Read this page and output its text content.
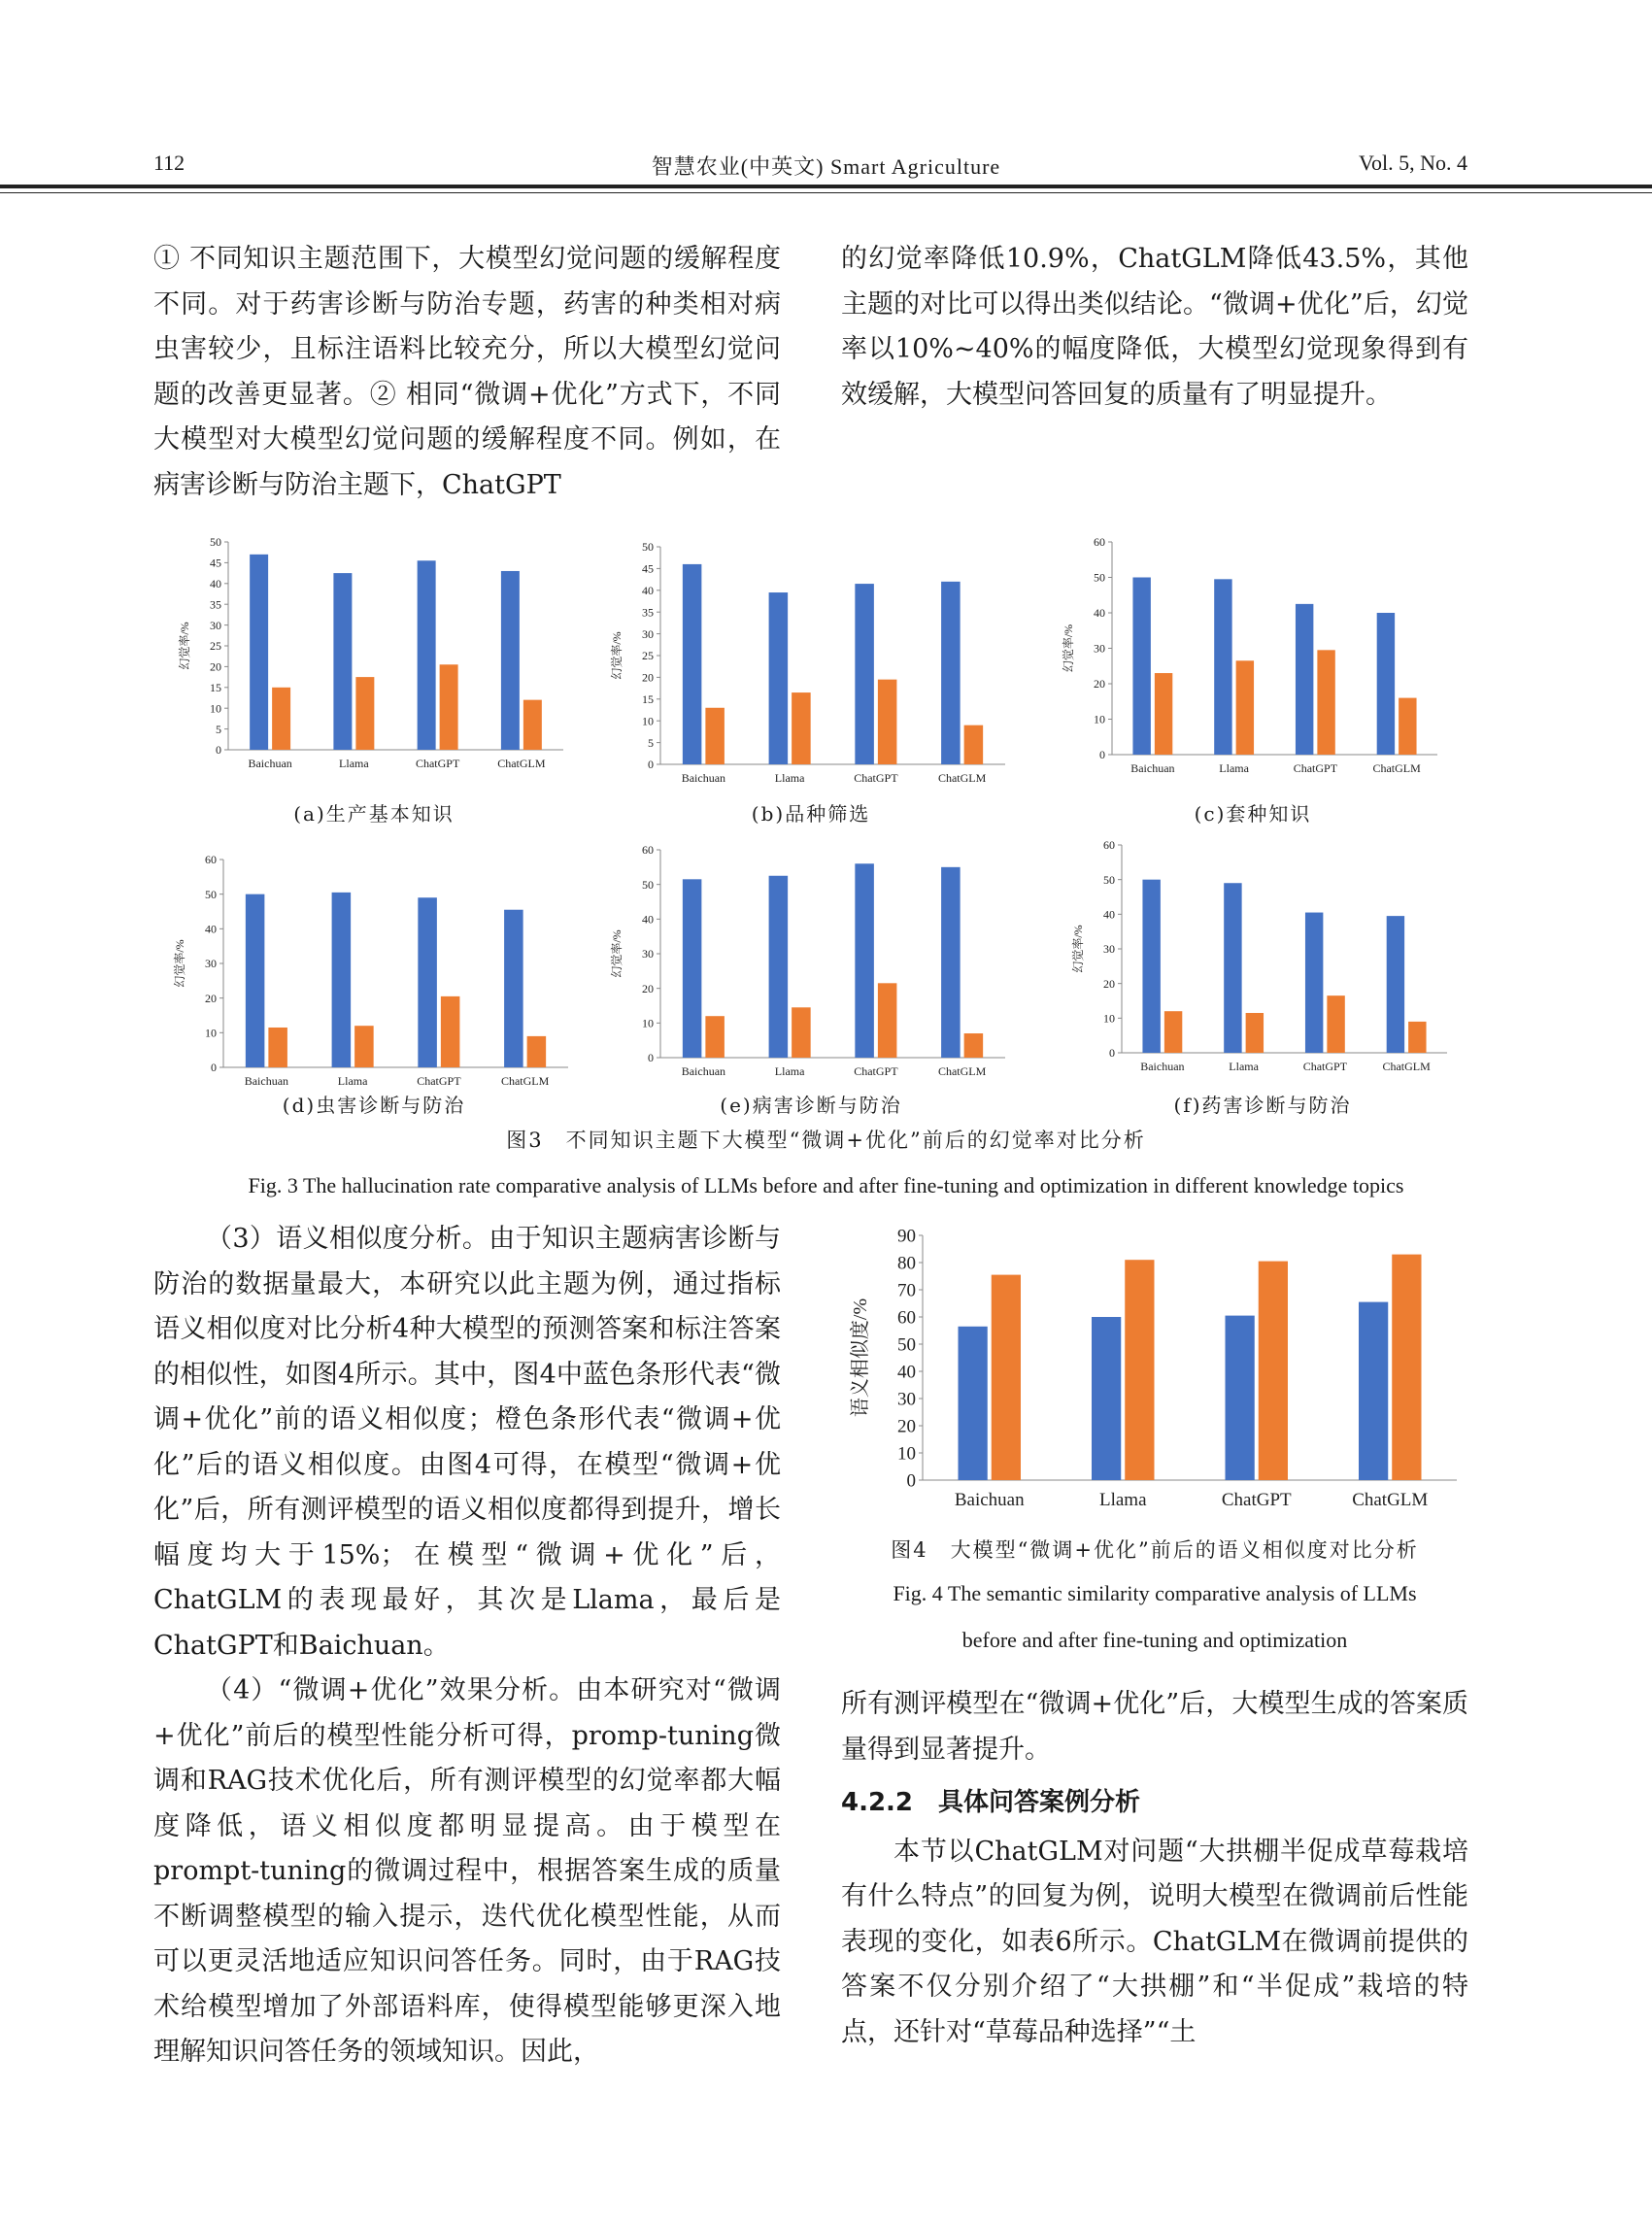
112	智慧农业(中英文) Smart Agriculture	Vol. 5, No. 4

① 不同知识主题范围下，大模型幻觉问题的缓解程度不同。对于药害诊断与防治专题，药害的种类相对病虫害较少，且标注语料比较充分，所以大模型幻觉问题的改善更显著。② 相同“微调+优化”方式下，不同大模型对大模型幻觉问题的缓解程度不同。例如，在病害诊断与防治主题下，ChatGPT

的幻觉率降低10.9%，ChatGLM降低43.5%，其他主题的对比可以得出类似结论。“微调+优化”后，幻觉率以10%~40%的幅度降低，大模型幻觉现象得到有效缓解，大模型问答回复的质量有了明显提升。

0
5
10
15
20
25
30
35
40
45
50
幻觉率/%
Baichuan	Llama	ChatGPT	ChatGLM
(a)生产基本知识
0
5
10
15
20
25
30
35
40
45
50
幻觉率/%
Baichuan	Llama	ChatGPT	ChatGLM
(b)品种筛选
0
10
20
30
40
50
60
幻觉率/%
Baichuan	Llama	ChatGPT	ChatGLM
(c)套种知识
0
10
20
30
40
50
60
幻觉率/%
Baichuan	Llama	ChatGPT	ChatGLM
(d)虫害诊断与防治
0
10
20
30
40
50
60
幻觉率/%
Baichuan	Llama	ChatGPT	ChatGLM
(e)病害诊断与防治
0
10
20
30
40
50
60
幻觉率/%
Baichuan	Llama	ChatGPT	ChatGLM
(f)药害诊断与防治
图3　不同知识主题下大模型“微调+优化”前后的幻觉率对比分析
Fig. 3 The hallucination rate comparative analysis of LLMs before and after fine-tuning and optimization in different knowledge topics

（3）语义相似度分析。由于知识主题病害诊断与防治的数据量最大，本研究以此主题为例，通过指标语义相似度对比分析4种大模型的预测答案和标注答案的相似性，如图4所示。其中，图4中蓝色条形代表“微调+优化”前的语义相似度；橙色条形代表“微调+优化”后的语义相似度。由图4可得，在模型“微调+优化”后，所有测评模型的语义相似度都得到提升，增长幅度均大于15%；在模型“微调+优化”后，ChatGLM的表现最好，其次是Llama，最后是ChatGPT和Baichuan。

（4）“微调+优化”效果分析。由本研究对“微调+优化”前后的模型性能分析可得，promp-tuning微调和RAG技术优化后，所有测评模型的幻觉率都大幅度降低，语义相似度都明显提高。由于模型在prompt-tuning的微调过程中，根据答案生成的质量不断调整模型的输入提示，迭代优化模型性能，从而可以更灵活地适应知识问答任务。同时，由于RAG技术给模型增加了外部语料库，使得模型能够更深入地理解知识问答任务的领域知识。因此，

0
10
20
30
40
50
60
70
80
90
语义相似度/%
Baichuan	Llama	ChatGPT	ChatGLM
图4　大模型“微调+优化”前后的语义相似度对比分析
Fig. 4 The semantic similarity comparative analysis of LLMs
before and after fine-tuning and optimization

所有测评模型在“微调+优化”后，大模型生成的答案质量得到显著提升。

4.2.2　具体问答案例分析

本节以ChatGLM对问题“大拱棚半促成草莓栽培有什么特点”的回复为例，说明大模型在微调前后性能表现的变化，如表6所示。ChatGLM在微调前提供的答案不仅分别介绍了“大拱棚”和“半促成”栽培的特点，还针对“草莓品种选择”“土
